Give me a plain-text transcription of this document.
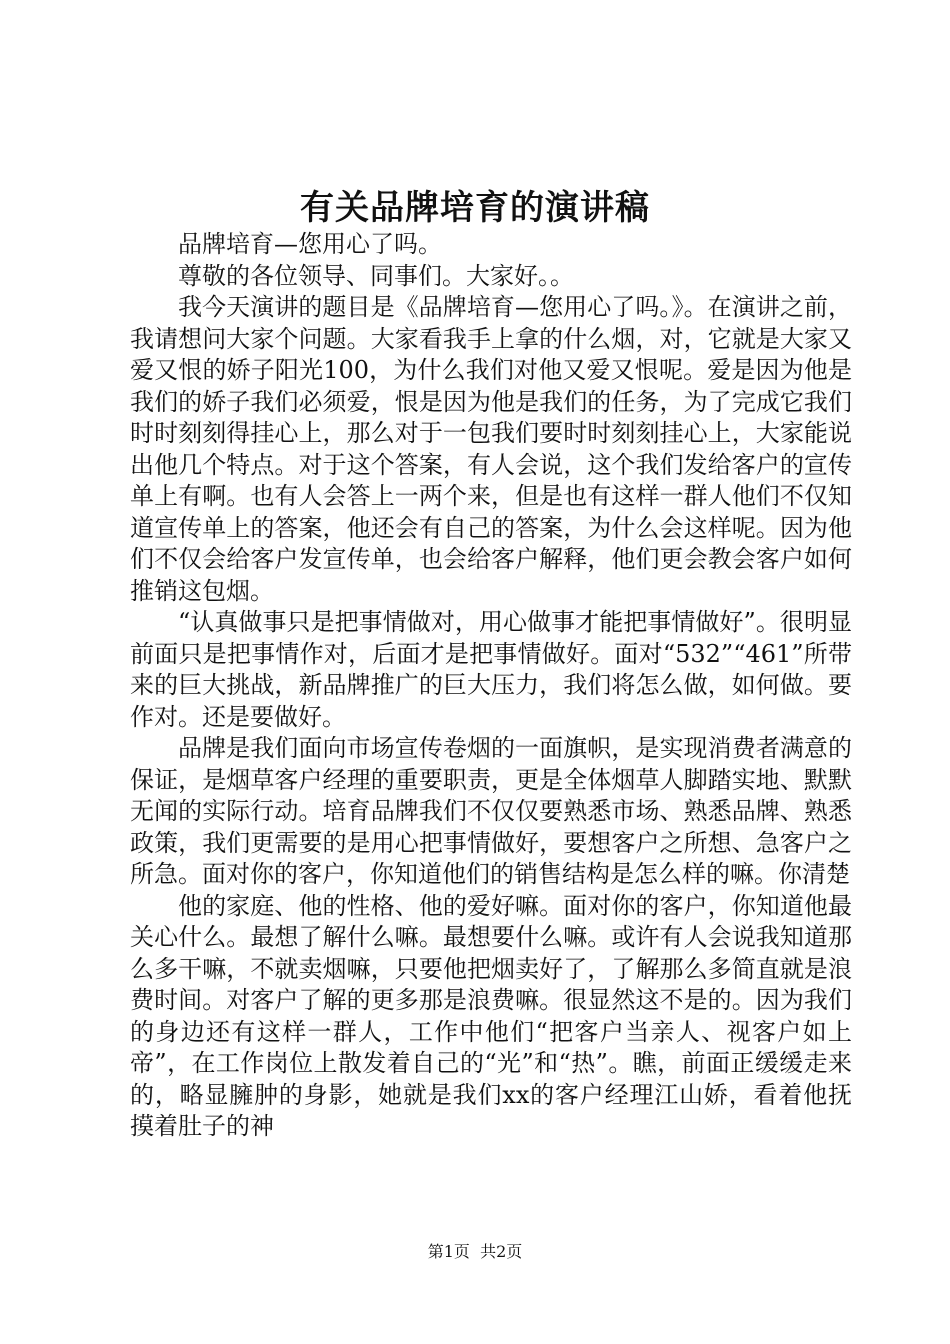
有关品牌培育的演讲稿

品牌培育—您用心了吗。

尊敬的各位领导、同事们。大家好。。

我今天演讲的题目是《品牌培育—您用心了吗。》。在演讲之前，我请想问大家个问题。大家看我手上拿的什么烟，对，它就是大家又爱又恨的娇子阳光100，为什么我们对他又爱又恨呢。爱是因为他是我们的娇子我们必须爱，恨是因为他是我们的任务，为了完成它我们时时刻刻得挂心上，那么对于一包我们要时时刻刻挂心上，大家能说出他几个特点。对于这个答案，有人会说，这个我们发给客户的宣传单上有啊。也有人会答上一两个来，但是也有这样一群人他们不仅知道宣传单上的答案，他还会有自己的答案，为什么会这样呢。因为他们不仅会给客户发宣传单，也会给客户解释，他们更会教会客户如何推销这包烟。

“认真做事只是把事情做对，用心做事才能把事情做好”。很明显前面只是把事情作对，后面才是把事情做好。面对“532”“461”所带来的巨大挑战，新品牌推广的巨大压力，我们将怎么做，如何做。要作对。还是要做好。

品牌是我们面向市场宣传卷烟的一面旗帜，是实现消费者满意的保证，是烟草客户经理的重要职责，更是全体烟草人脚踏实地、默默无闻的实际行动。培育品牌我们不仅仅要熟悉市场、熟悉品牌、熟悉政策，我们更需要的是用心把事情做好，要想客户之所想、急客户之所急。面对你的客户，你知道他们的销售结构是怎么样的嘛。你清楚

他的家庭、他的性格、他的爱好嘛。面对你的客户，你知道他最关心什么。最想了解什么嘛。最想要什么嘛。或许有人会说我知道那么多干嘛，不就卖烟嘛，只要他把烟卖好了，了解那么多简直就是浪费时间。对客户了解的更多那是浪费嘛。很显然这不是的。因为我们的身边还有这样一群人，工作中他们“把客户当亲人、视客户如上帝”，在工作岗位上散发着自己的“光”和“热”。瞧，前面正缓缓走来的，略显臃肿的身影，她就是我们xx的客户经理江山娇，看着他抚摸着肚子的神

第1页  共2页
